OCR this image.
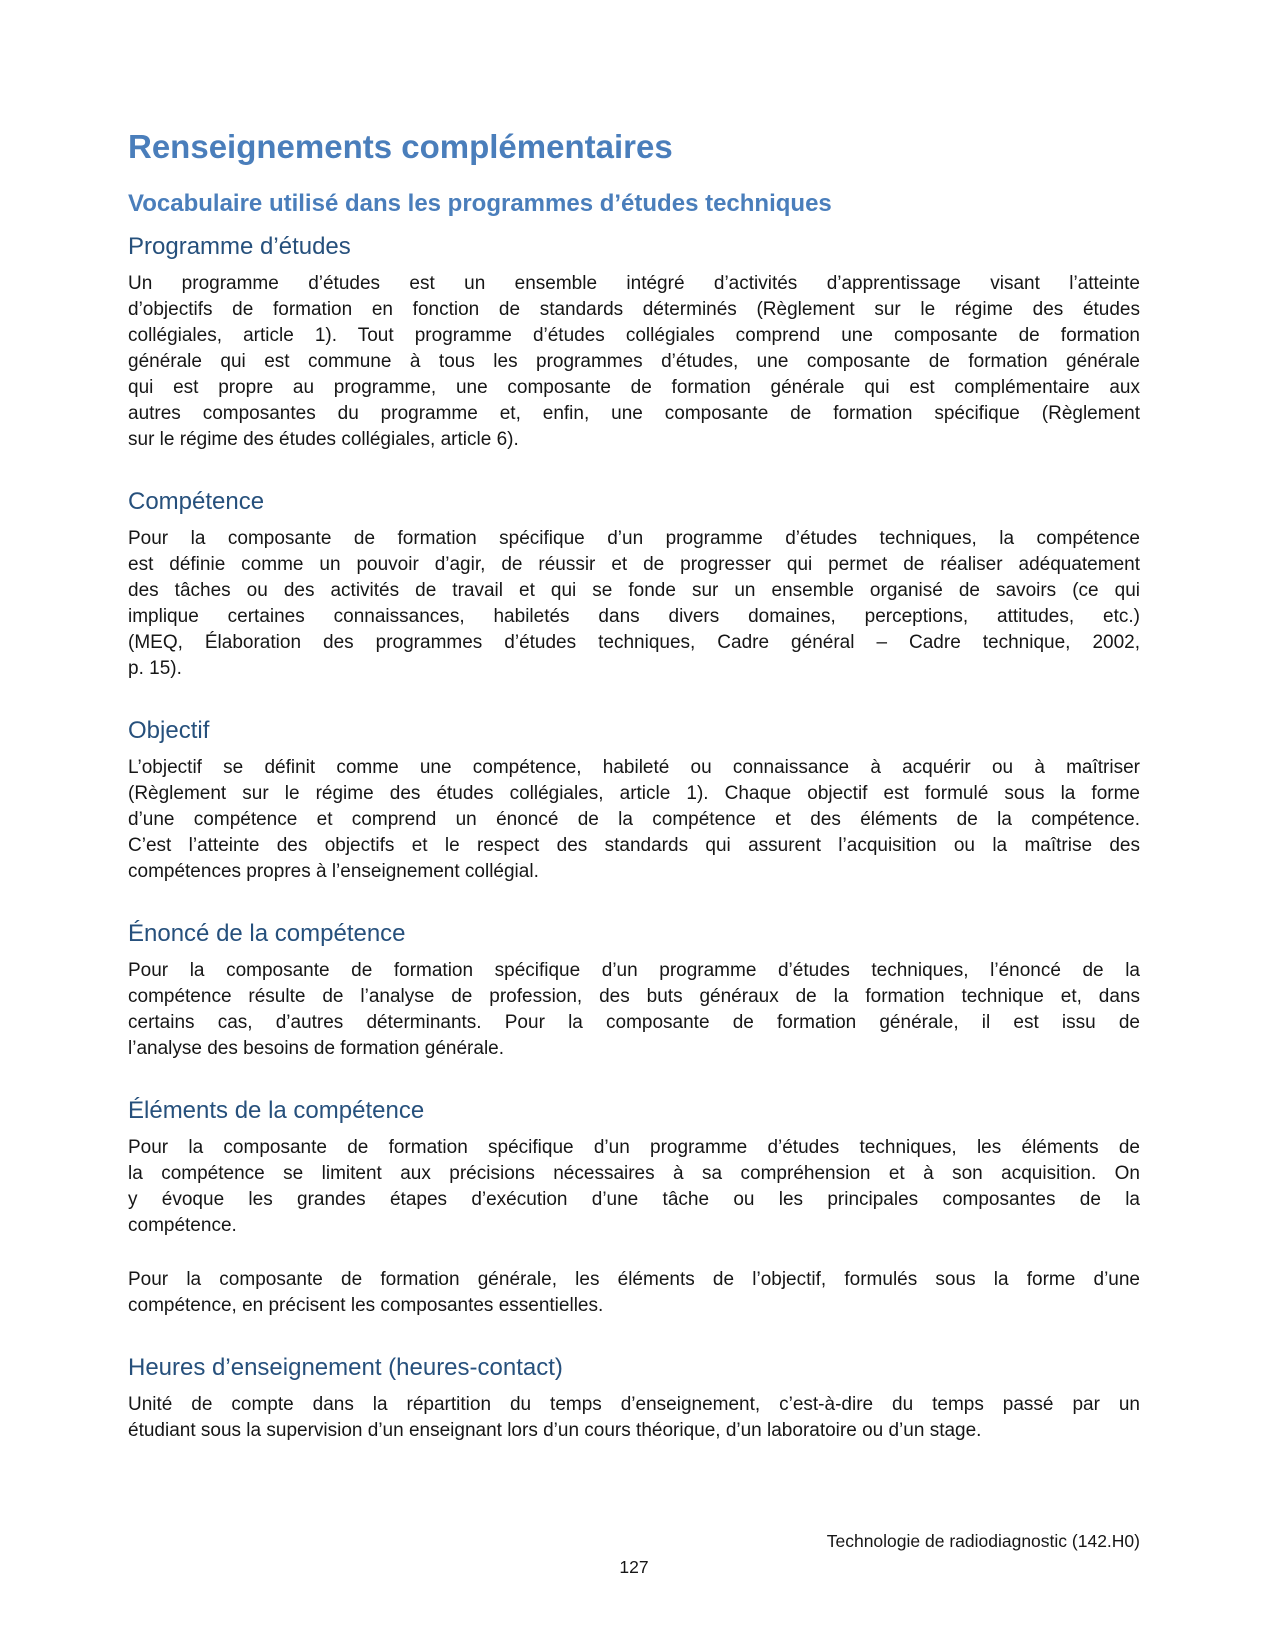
Renseignements complémentaires
Vocabulaire utilisé dans les programmes d’études techniques
Programme d’études
Un programme d’études est un ensemble intégré d’activités d’apprentissage visant l’atteinte
d’objectifs de formation en fonction de standards déterminés (Règlement sur le régime des études
collégiales, article 1). Tout programme d’études collégiales comprend une composante de formation
générale qui est commune à tous les programmes d’études, une composante de formation générale
qui est propre au programme, une composante de formation générale qui est complémentaire aux
autres composantes du programme et, enfin, une composante de formation spécifique (Règlement
sur le régime des études collégiales, article 6).
Compétence
Pour la composante de formation spécifique d’un programme d’études techniques, la compétence
est définie comme un pouvoir d’agir, de réussir et de progresser qui permet de réaliser adéquatement
des tâches ou des activités de travail et qui se fonde sur un ensemble organisé de savoirs (ce qui
implique certaines connaissances, habiletés dans divers domaines, perceptions, attitudes, etc.)
(MEQ, Élaboration des programmes d’études techniques, Cadre général – Cadre technique, 2002,
p. 15).
Objectif
L’objectif se définit comme une compétence, habileté ou connaissance à acquérir ou à maîtriser
(Règlement sur le régime des études collégiales, article 1). Chaque objectif est formulé sous la forme
d’une compétence et comprend un énoncé de la compétence et des éléments de la compétence.
C’est l’atteinte des objectifs et le respect des standards qui assurent l’acquisition ou la maîtrise des
compétences propres à l’enseignement collégial.
Énoncé de la compétence
Pour la composante de formation spécifique d’un programme d’études techniques, l’énoncé de la
compétence résulte de l’analyse de profession, des buts généraux de la formation technique et, dans
certains cas, d’autres déterminants. Pour la composante de formation générale, il est issu de
l’analyse des besoins de formation générale.
Éléments de la compétence
Pour la composante de formation spécifique d’un programme d’études techniques, les éléments de
la compétence se limitent aux précisions nécessaires à sa compréhension et à son acquisition. On
y évoque les grandes étapes d’exécution d’une tâche ou les principales composantes de la
compétence.
Pour la composante de formation générale, les éléments de l’objectif, formulés sous la forme d’une
compétence, en précisent les composantes essentielles.
Heures d’enseignement (heures-contact)
Unité de compte dans la répartition du temps d’enseignement, c’est-à-dire du temps passé par un
étudiant sous la supervision d’un enseignant lors d’un cours théorique, d’un laboratoire ou d’un stage.
Technologie de radiodiagnostic (142.H0)
127
